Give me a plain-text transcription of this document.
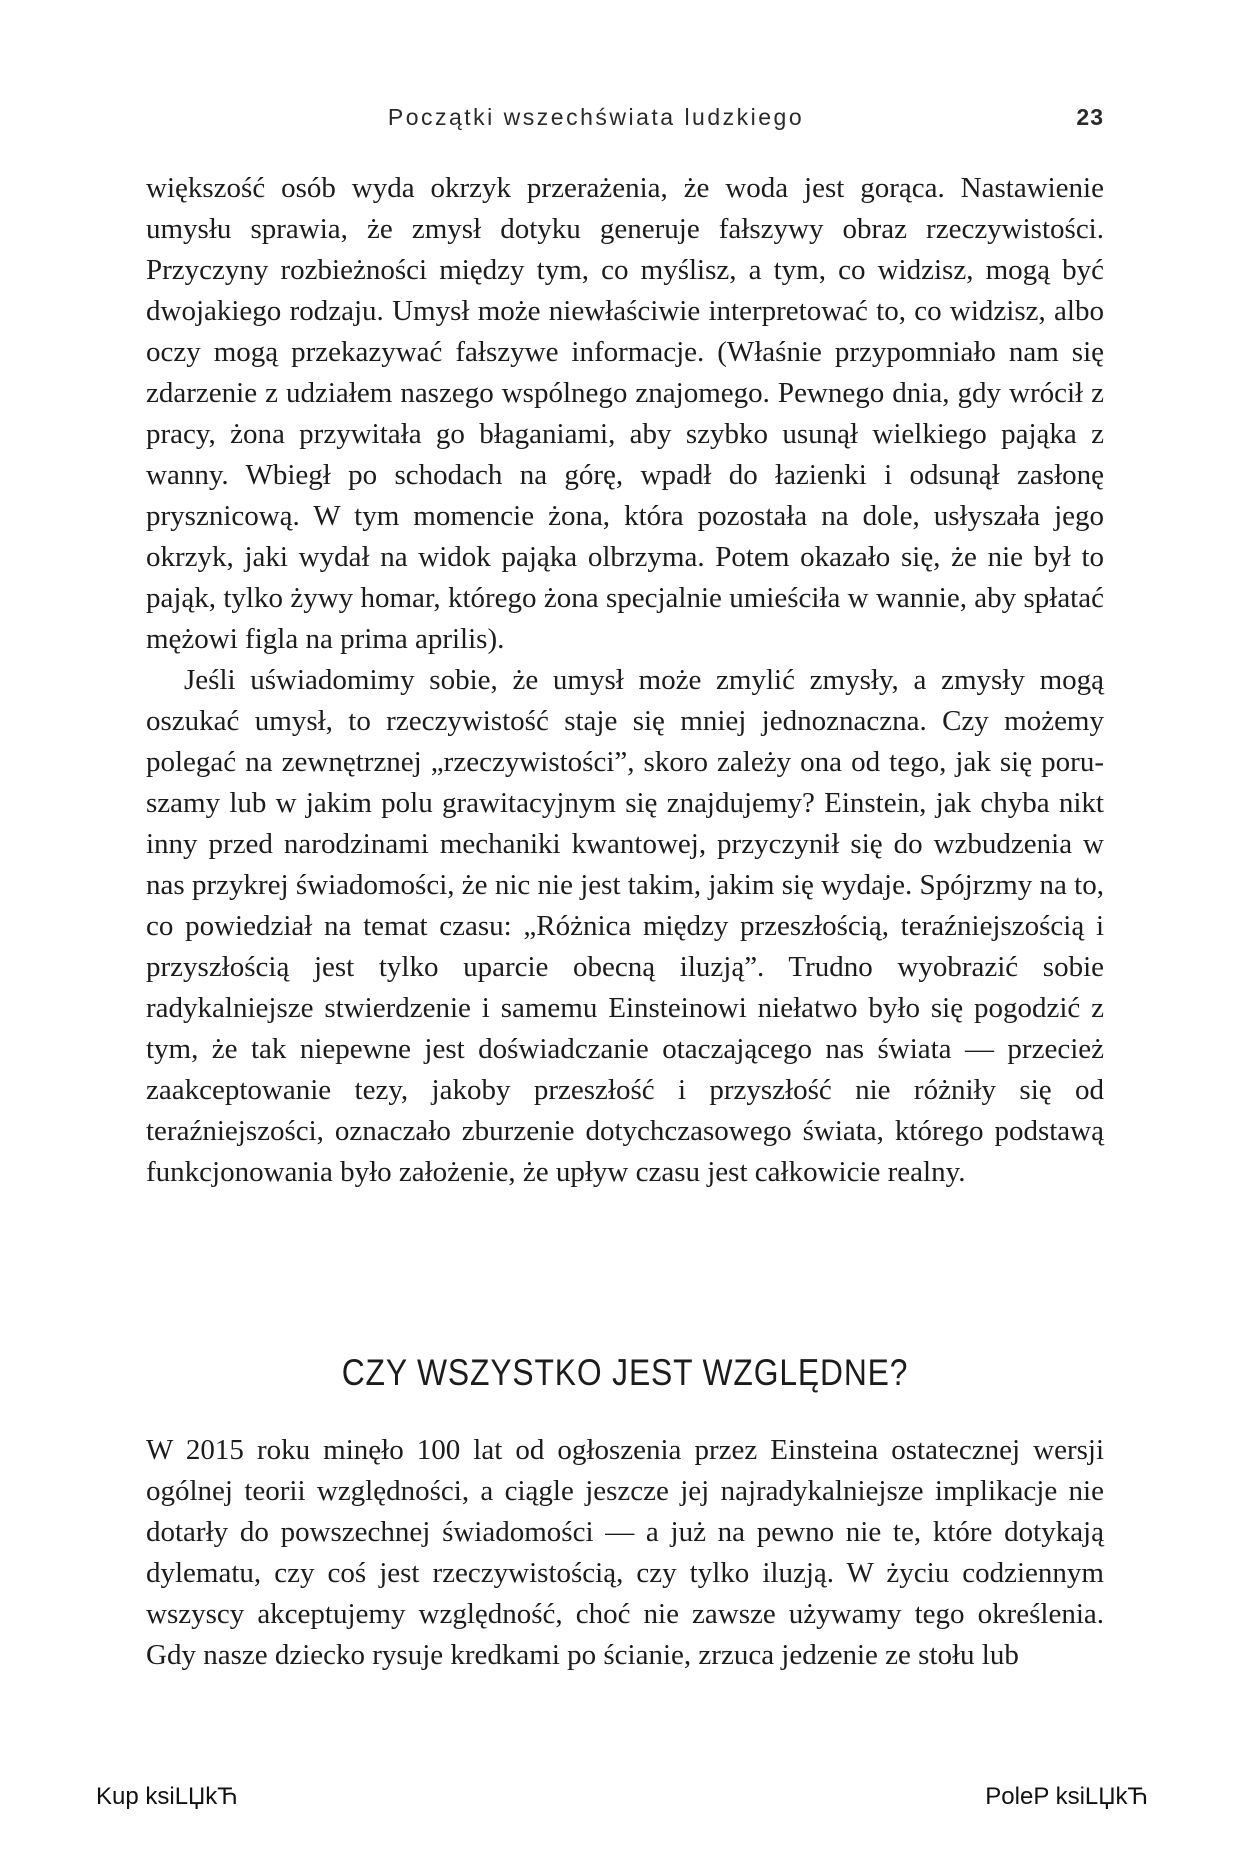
Początki wszechświata ludzkiego	23

większość osób wyda okrzyk przerażenia, że woda jest gorąca. Nastawienie umysłu sprawia, że zmysł dotyku generuje fałszywy obraz rzeczywistości. Przyczyny rozbieżności między tym, co myślisz, a tym, co widzisz, mogą być dwojakiego rodzaju. Umysł może niewłaściwie interpretować to, co widzisz, albo oczy mogą przekazywać fałszywe informacje. (Właśnie przypomniało nam się zdarzenie z udziałem naszego wspólnego znajomego. Pewnego dnia, gdy wrócił z pracy, żona przywitała go błaganiami, aby szybko usunął wielkiego pająka z wanny. Wbiegł po schodach na górę, wpadł do łazienki i odsunął zasłonę prysznicową. W tym momencie żona, która pozostała na dole, usłyszała jego okrzyk, jaki wydał na widok pająka olbrzyma. Potem okazało się, że nie był to pająk, tylko żywy homar, którego żona specjalnie umieściła w wannie, aby spłatać mężowi figla na prima aprilis).

Jeśli uświadomimy sobie, że umysł może zmylić zmysły, a zmysły mogą oszukać umysł, to rzeczywistość staje się mniej jednoznaczna. Czy możemy polegać na zewnętrznej „rzeczywistości”, skoro zależy ona od tego, jak się poruszamy lub w jakim polu grawitacyjnym się znajdujemy? Einstein, jak chyba nikt inny przed narodzinami mechaniki kwantowej, przyczynił się do wzbudzenia w nas przykrej świadomości, że nic nie jest takim, jakim się wydaje. Spójrzmy na to, co powiedział na temat czasu: „Różnica między przeszłością, teraźniejszością i przyszłością jest tylko uparcie obecną iluzją”. Trudno wyobrazić sobie radykalniejsze stwierdzenie i samemu Einsteinowi niełatwo było się pogodzić z tym, że tak niepewne jest doświadczanie otaczającego nas świata — przecież zaakceptowanie tezy, jakoby przeszłość i przyszłość nie różniły się od teraźniejszości, oznaczało zburzenie dotychczasowego świata, którego podstawą funkcjonowania było założenie, że upływ czasu jest całkowicie realny.

CZY WSZYSTKO JEST WZGLĘDNE?

W 2015 roku minęło 100 lat od ogłoszenia przez Einsteina ostatecznej wersji ogólnej teorii względności, a ciągle jeszcze jej najradykalniejsze implikacje nie dotarły do powszechnej świadomości — a już na pewno nie te, które dotykają dylematu, czy coś jest rzeczywistością, czy tylko iluzją. W życiu codziennym wszyscy akceptujemy względność, choć nie zawsze używamy tego określenia. Gdy nasze dziecko rysuje kredkami po ścianie, zrzuca jedzenie ze stołu lub

Kup ksiLЏkЋ	PoleP ksiLЏkЋ
